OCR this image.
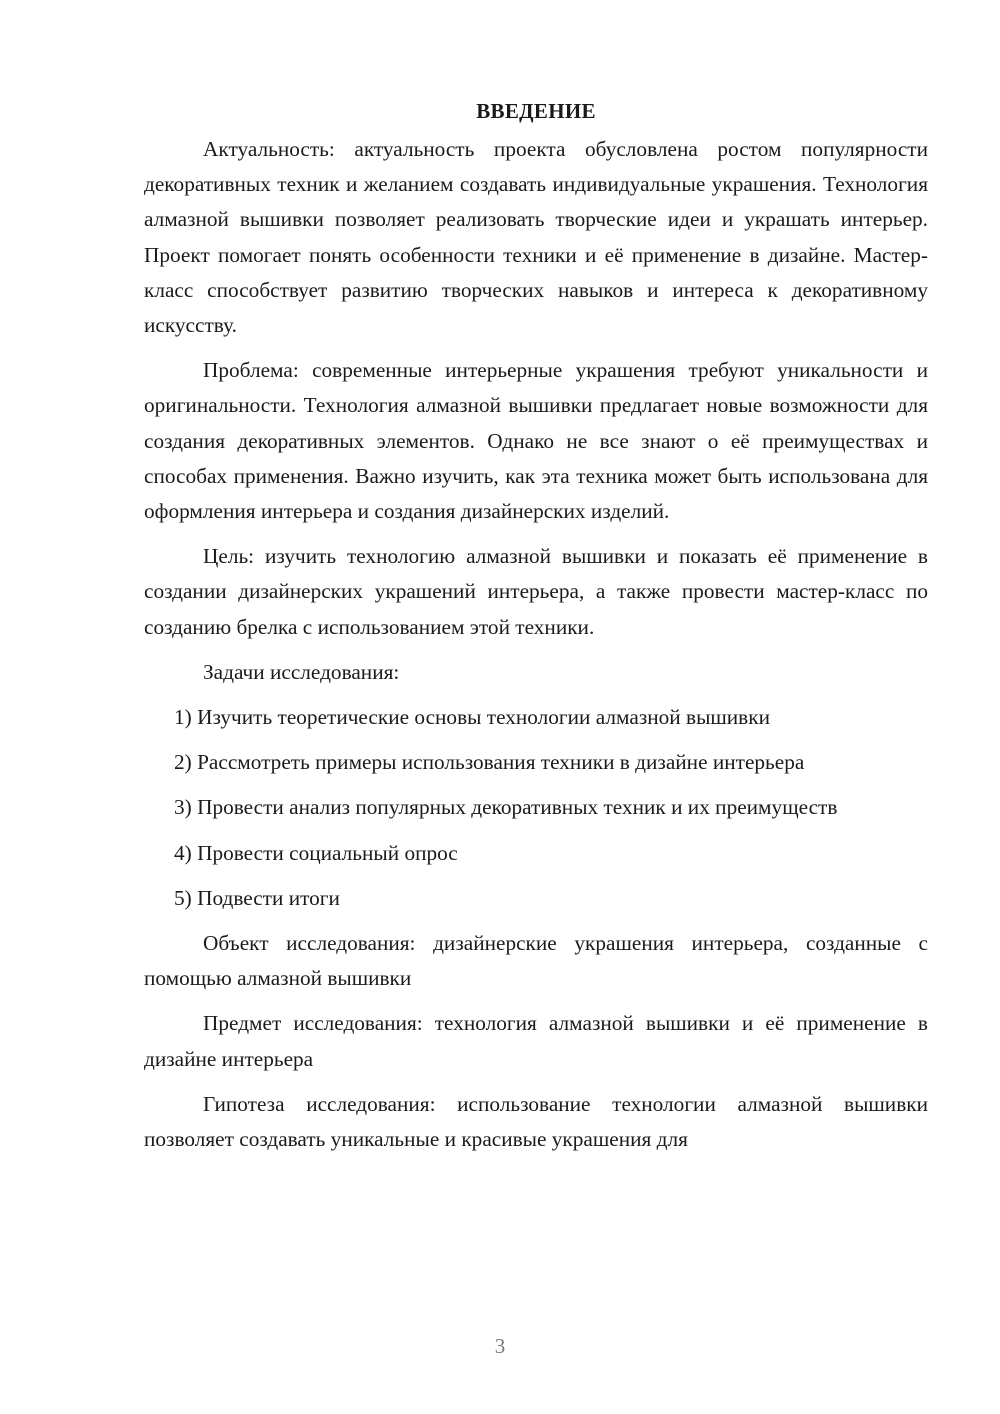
ВВЕДЕНИЕ

Актуальность: актуальность проекта обусловлена ростом популярности декоративных техник и желанием создавать индивидуальные украшения. Технология алмазной вышивки позволяет реализовать творческие идеи и украшать интерьер. Проект помогает понять особенности техники и её применение в дизайне. Мастер-класс способствует развитию творческих навыков и интереса к декоративному искусству.

Проблема: современные интерьерные украшения требуют уникальности и оригинальности. Технология алмазной вышивки предлагает новые возможности для создания декоративных элементов. Однако не все знают о её преимуществах и способах применения. Важно изучить, как эта техника может быть использована для оформления интерьера и создания дизайнерских изделий.

Цель: изучить технологию алмазной вышивки и показать её применение в создании дизайнерских украшений интерьера, а также провести мастер-класс по созданию брелка с использованием этой техники.

Задачи исследования:

1) Изучить теоретические основы технологии алмазной вышивки

2) Рассмотреть примеры использования техники в дизайне интерьера

3) Провести анализ популярных декоративных техник и их преимуществ

4) Провести социальный опрос

5) Подвести итоги

Объект исследования: дизайнерские украшения интерьера, созданные с помощью алмазной вышивки

Предмет исследования: технология алмазной вышивки и её применение в дизайне интерьера

Гипотеза исследования: использование технологии алмазной вышивки позволяет создавать уникальные и красивые украшения для

3
